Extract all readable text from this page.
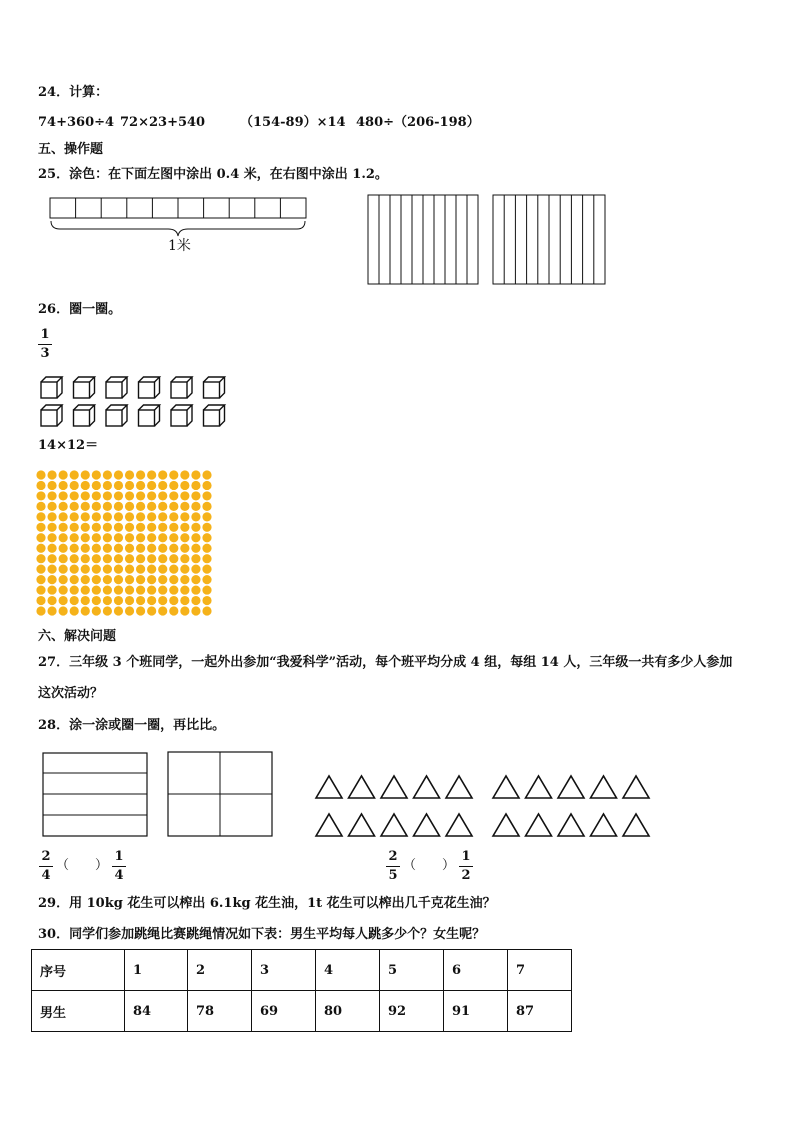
24．计算：
74+360÷4 72×23+540	（154-89）×14 480÷（206-198）
五、操作题
25．涂色：在下面左图中涂出 0.4 米，在右图中涂出 1.2。
1米
26．圈一圈。
1
3
14×12＝
六、解决问题
27．三年级 3 个班同学，一起外出参加“我爱科学”活动，每个班平均分成 4 组，每组 14 人，三年级一共有多少人参加
这次活动？
28．涂一涂或圈一圈，再比比。
2
4
（　　）
1
4
2
5
（　　）
1
2
29．用 10kg 花生可以榨出 6.1kg 花生油，1t 花生可以榨出几千克花生油？
30．同学们参加跳绳比赛跳绳情况如下表：男生平均每人跳多少个？女生呢？
序号	1	2	3	4	5	6	7
男生	84	78	69	80	92	91	87
